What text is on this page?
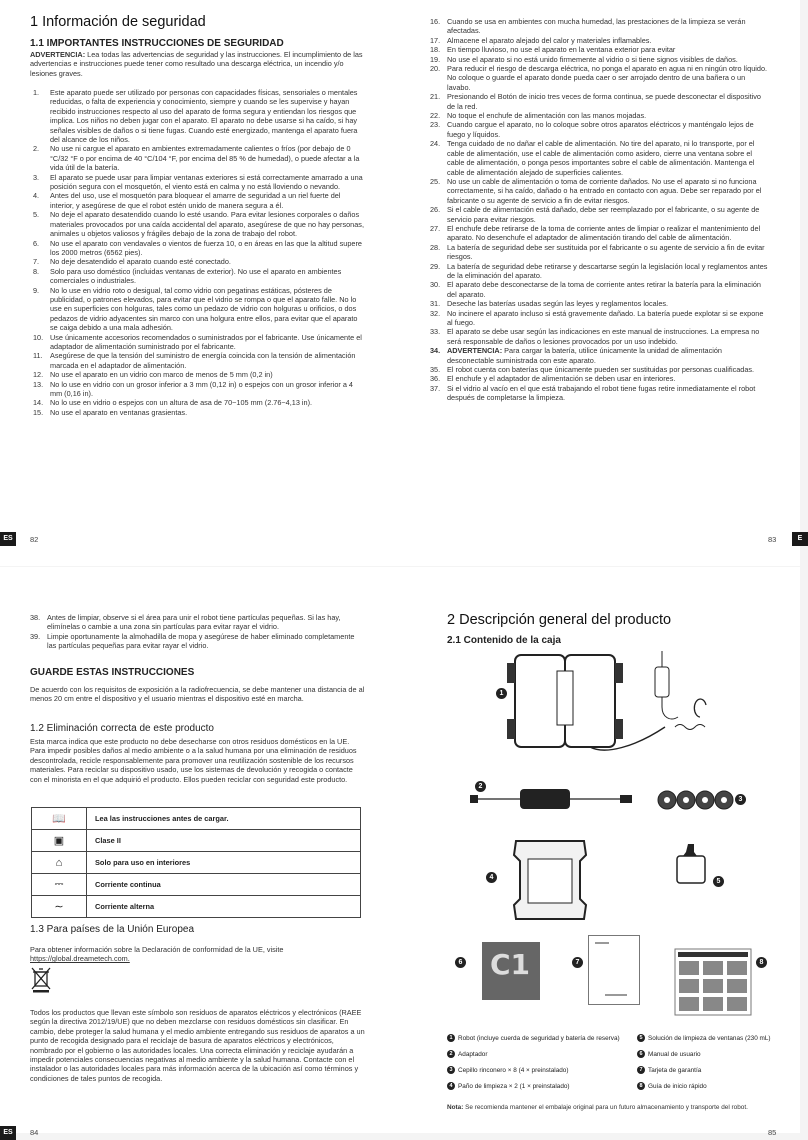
1 Información de seguridad
1.1 IMPORTANTES INSTRUCCIONES DE SEGURIDAD
ADVERTENCIA: Lea todas las advertencias de seguridad y las instrucciones. El incumplimiento de las advertencias e instrucciones puede tener como resultado una descarga eléctrica, un incendio y/o lesiones graves.
1. Este aparato puede ser utilizado por personas con capacidades físicas, sensoriales o mentales reducidas, o falta de experiencia y conocimiento, siempre y cuando se les supervise y hayan recibido instrucciones respecto al uso del aparato de forma segura y entiendan los riesgos que implica. Los niños no deben jugar con el aparato. El aparato no debe usarse si ha caído, si hay señales visibles de daños o si tiene fugas. Cuando esté energizado, mantenga el aparato fuera del alcance de los niños.
2. No use ni cargue el aparato en ambientes extremadamente calientes o fríos (por debajo de 0 °C/32 °F o por encima de 40 °C/104 °F, por encima del 85 % de humedad), o puede afectar a la vida útil de la batería.
3. El aparato se puede usar para limpiar ventanas exteriores si está correctamente amarrado a una posición segura con el mosquetón, el viento está en calma y no está lloviendo o nevando.
4. Antes del uso, use el mosquetón para bloquear el amarre de seguridad a un riel fuerte del interior, y asegúrese de que el robot estén unido de manera segura a él.
5. No deje el aparato desatendido cuando lo esté usando. Para evitar lesiones corporales o daños materiales provocados por una caída accidental del aparato, asegúrese de que no hay personas, animales u objetos valiosos y frágiles debajo de la zona de trabajo del robot.
6. No use el aparato con vendavales o vientos de fuerza 10, o en áreas en las que la altitud supere los 2000 metros (6562 pies).
7. No deje desatendido el aparato cuando esté conectado.
8. Solo para uso doméstico (incluidas ventanas de exterior). No use el aparato en ambientes comerciales o industriales.
9. No lo use en vidrio roto o desigual, tal como vidrio con pegatinas estáticas, pósteres de publicidad, o patrones elevados, para evitar que el vidrio se rompa o que el aparato falle. No lo use en superficies con holguras, tales como un pedazo de vidrio con holguras u orificios, o dos pedazos de vidrio adyacentes sin marco con una holgura entre ellos, para evitar que el aparato se caiga debido a una mala adhesión.
10. Use únicamente accesorios recomendados o suministrados por el fabricante. Use únicamente el adaptador de alimentación suministrado por el fabricante.
11. Asegúrese de que la tensión del suministro de energía coincida con la tensión de alimentación marcada en el adaptador de alimentación.
12. No use el aparato en un vidrio con marco de menos de 5 mm (0,2 in)
13. No lo use en vidrio con un grosor inferior a 3 mm (0,12 in) o espejos con un grosor inferior a 4 mm (0,16 in).
14. No lo use en vidrio o espejos con un altura de asa de 70~105 mm (2.76~4,13 in).
15. No use el aparato en ventanas grasientas.
ES	82
16. Cuando se usa en ambientes con mucha humedad, las prestaciones de la limpieza se verán afectadas.
17. Almacene el aparato alejado del calor y materiales inflamables.
18. En tiempo lluvioso, no use el aparato en la ventana exterior para evitar
19. No use el aparato si no está unido firmemente al vidrio o si tiene signos visibles de daños.
20. Para reducir el riesgo de descarga eléctrica, no ponga el aparato en agua ni en ningún otro líquido. No coloque o guarde el aparato donde pueda caer o ser arrojado dentro de una bañera o un lavabo.
21. Presionando el Botón de inicio tres veces de forma continua, se puede desconectar el dispositivo de la red.
22. No toque el enchufe de alimentación con las manos mojadas.
23. Cuando cargue el aparato, no lo coloque sobre otros aparatos eléctricos y manténgalo lejos de fuego y líquidos.
24. Tenga cuidado de no dañar el cable de alimentación. No tire del aparato, ni lo transporte, por el cable de alimentación, use el cable de alimentación como asidero, cierre una ventana sobre el cable de alimentación, o ponga pesos importantes sobre el cable de alimentación. Mantenga el cable de alimentación alejado de superficies calientes.
25. No use un cable de alimentación o toma de corriente dañados. No use el aparato si no funciona correctamente, si ha caído, dañado o ha entrado en contacto con agua. Debe ser reparado por el fabricante o su agente de servicio a fin de evitar riesgos.
26. Si el cable de alimentación está dañado, debe ser reemplazado por el fabricante, o su agente de servicio para evitar riesgos.
27. El enchufe debe retirarse de la toma de corriente antes de limpiar o realizar el mantenimiento del aparato. No desenchufe el adaptador de alimentación tirando del cable de alimentación.
28. La batería de seguridad debe ser sustituida por el fabricante o su agente de servicio a fin de evitar riesgos.
29. La batería de seguridad debe retirarse y descartarse según la legislación local y reglamentos antes de la eliminación del aparato.
30. El aparato debe desconectarse de la toma de corriente antes retirar la batería para la eliminación del aparato.
31. Deseche las baterías usadas según las leyes y reglamentos locales.
32. No incinere el aparato incluso si está gravemente dañado. La batería puede explotar si se expone al fuego.
33. El aparato se debe usar según las indicaciones en este manual de instrucciones. La empresa no será responsable de daños o lesiones provocados por un uso indebido.
34. ADVERTENCIA: Para cargar la batería, utilice únicamente la unidad de alimentación desconectable suministrada con este aparato.
35. El robot cuenta con baterías que únicamente pueden ser sustituidas por personas cualificadas.
36. El enchufe y el adaptador de alimentación se deben usar en interiores.
37. Si el vidrio al vacío en el que está trabajando el robot tiene fugas retire inmediatamente el robot después de completarse la limpieza.
83	E
38. Antes de limpiar, observe si el área para unir el robot tiene partículas pequeñas. Si las hay, elimínelas o cambie a una zona sin partículas para evitar rayar el vidrio.
39. Limpie oportunamente la almohadilla de mopa y asegúrese de haber eliminado completamente las partículas pequeñas para evitar rayar el vidrio.
GUARDE ESTAS INSTRUCCIONES
De acuerdo con los requisitos de exposición a la radiofrecuencia, se debe mantener una distancia de al menos 20 cm entre el dispositivo y el usuario mientras el dispositivo esté en marcha.
1.2 Eliminación correcta de este producto
Esta marca indica que este producto no debe desecharse con otros residuos domésticos en la UE. Para impedir posibles daños al medio ambiente o a la salud humana por una eliminación de residuos descontrolada, recicle responsablemente para promover una reutilización sostenible de los recursos materiales. Para reciclar su dispositivo usado, use los sistemas de devolución y recogida o contacte con el minorista en el que adquirió el producto. Ellos pueden reciclar con seguridad este producto.
📖	Lea las instrucciones antes de cargar.
▣	Clase II
⌂	Solo para uso en interiores
⎓	Corriente continua
∼	Corriente alterna
1.3 Para países de la Unión Europea
Para obtener información sobre la Declaración de conformidad de la UE, visite
https://global.dreametech.com.
Todos los productos que llevan este símbolo son residuos de aparatos eléctricos y electrónicos (RAEE según la directiva 2012/19/UE) que no deben mezclarse con residuos domésticos sin clasificar. En cambio, debe proteger la salud humana y el medio ambiente entregando sus residuos de aparatos a un punto de recogida designado para el reciclaje de basura de aparatos eléctricos y electrónicos, nombrado por el gobierno o las autoridades locales. Una correcta eliminación y reciclaje ayudarán a impedir potenciales consecuencias negativas al medio ambiente y la salud humana. Contacte con el instalador o las autoridades locales para más información acerca de la ubicación así como términos y condiciones de tales puntos de recogida.
ES	84
2 Descripción general del producto
2.1 Contenido de la caja
1
2
3
4
5
C1
6	7	8
1 Robot (incluye cuerda de seguridad y batería de reserva)	5 Solución de limpieza de ventanas (230 mL)
2 Adaptador	6 Manual de usuario
3 Cepillo rinconero × 8 (4 × preinstalado)	7 Tarjeta de garantía
4 Paño de limpieza × 2 (1 × preinstalado)	8 Guía de inicio rápido
Nota: Se recomienda mantener el embalaje original para un futuro almacenamiento y transporte del robot.
85
